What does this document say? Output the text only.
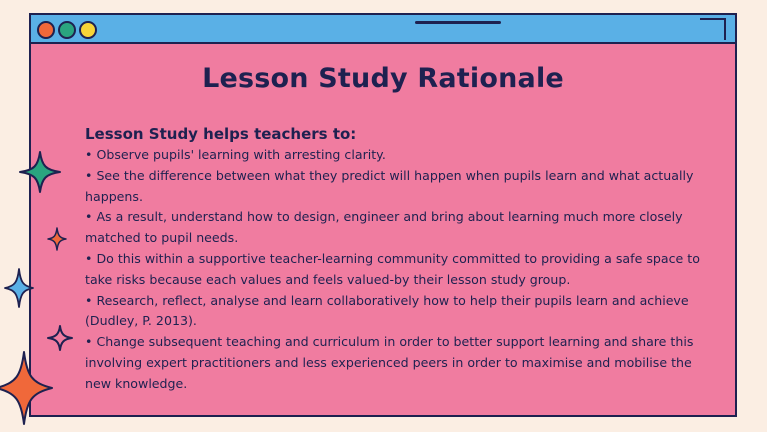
Lesson Study Rationale

Lesson Study helps teachers to:

• Observe pupils' learning with arresting clarity.
• See the difference between what they predict will happen when pupils learn and what actually happens.
• As a result, understand how to design, engineer and bring about learning much more closely matched to pupil needs.
• Do this within a supportive teacher-learning community committed to providing a safe space to take risks because each values and feels valued-by their lesson study group.
• Research, reflect, analyse and learn collaboratively how to help their pupils learn and achieve (Dudley, P. 2013).
• Change subsequent teaching and curriculum in order to better support learning and share this involving expert practitioners and less experienced peers in order to maximise and mobilise the new knowledge.
